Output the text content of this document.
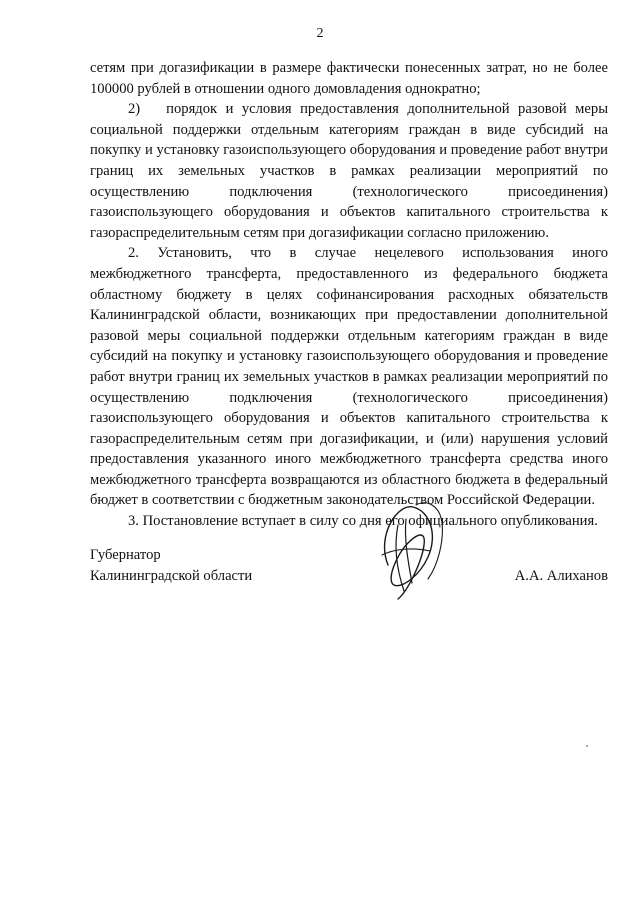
2

сетям при догазификации в размере фактически понесенных затрат, но не более 100000 рублей в отношении одного домовладения однократно;

2) порядок и условия предоставления дополнительной разовой меры социальной поддержки отдельным категориям граждан в виде субсидий на покупку и установку газоиспользующего оборудования и проведение работ внутри границ их земельных участков в рамках реализации мероприятий по осуществлению подключения (технологического присоединения) газоиспользующего оборудования и объектов капитального строительства к газораспределительным сетям при догазификации согласно приложению.

2. Установить, что в случае нецелевого использования иного межбюджетного трансферта, предоставленного из федерального бюджета областному бюджету в целях софинансирования расходных обязательств Калининградской области, возникающих при предоставлении дополнительной разовой меры социальной поддержки отдельным категориям граждан в виде субсидий на покупку и установку газоиспользующего оборудования и проведение работ внутри границ их земельных участков в рамках реализации мероприятий по осуществлению подключения (технологического присоединения) газоиспользующего оборудования и объектов капитального строительства к газораспределительным сетям при догазификации, и (или) нарушения условий предоставления указанного иного межбюджетного трансферта средства иного межбюджетного трансферта возвращаются из областного бюджета в федеральный бюджет в соответствии с бюджетным законодательством Российской Федерации.

3. Постановление вступает в силу со дня его официального опубликования.

Губернатор
Калининградской области	А.А. Алиханов
